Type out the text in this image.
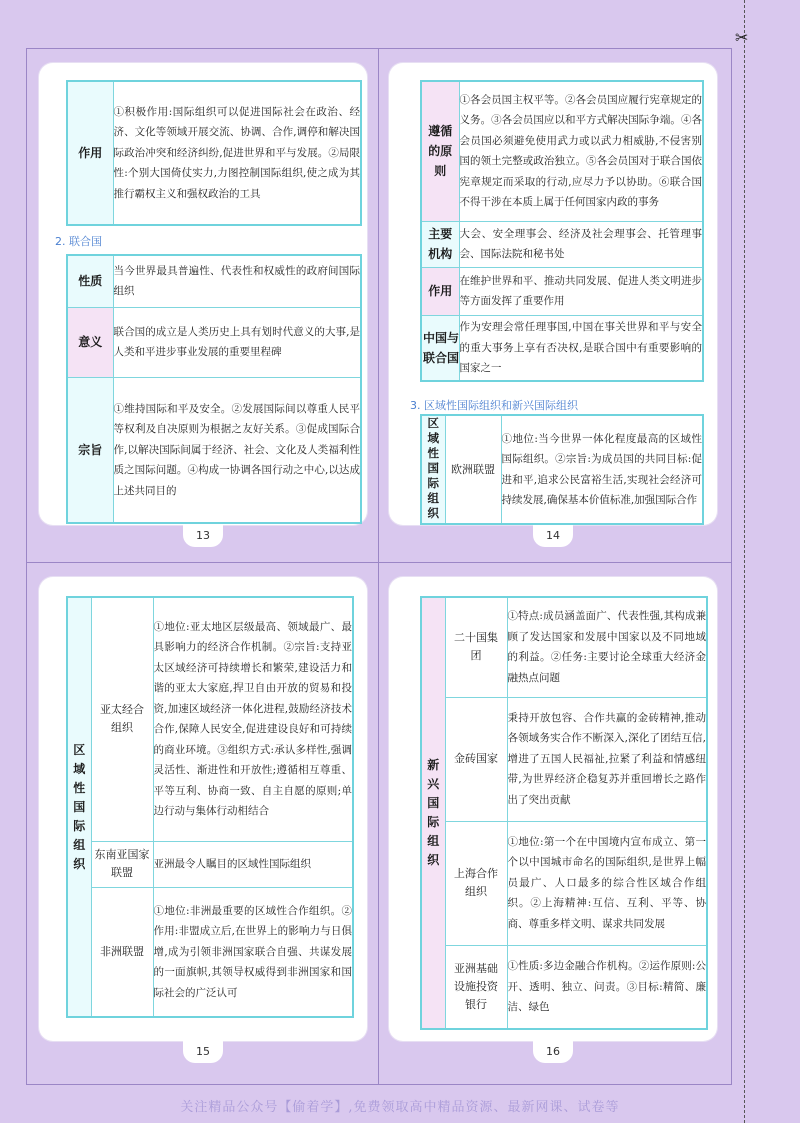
✂
13
作用	①积极作用:国际组织可以促进国际社会在政治、经济、文化等领域开展交流、协调、合作,调停和解决国际政治冲突和经济纠纷,促进世界和平与发展。②局限性:个别大国倚仗实力,力图控制国际组织,使之成为其推行霸权主义和强权政治的工具
2. 联合国
性质	当今世界最具普遍性、代表性和权威性的政府间国际组织
意义	联合国的成立是人类历史上具有划时代意义的大事,是人类和平进步事业发展的重要里程碑
宗旨	①维持国际和平及安全。②发展国际间以尊重人民平等权利及自决原则为根据之友好关系。③促成国际合作,以解决国际间属于经济、社会、文化及人类福利性质之国际问题。④构成一协调各国行动之中心,以达成上述共同目的
14
遵循的原则	①各会员国主权平等。②各会员国应履行宪章规定的义务。③各会员国应以和平方式解决国际争端。④各会员国必须避免使用武力或以武力相威胁,不侵害别国的领土完整或政治独立。⑤各会员国对于联合国依宪章规定而采取的行动,应尽力予以协助。⑥联合国不得干涉在本质上属于任何国家内政的事务
主要机构	大会、安全理事会、经济及社会理事会、托管理事会、国际法院和秘书处
作用	在维护世界和平、推动共同发展、促进人类文明进步等方面发挥了重要作用
中国与联合国	作为安理会常任理事国,中国在事关世界和平与安全的重大事务上享有否决权,是联合国中有重要影响的国家之一
3. 区域性国际组织和新兴国际组织
区域性国际组织	欧洲联盟	①地位:当今世界一体化程度最高的区域性国际组织。②宗旨:为成员国的共同目标:促进和平,追求公民富裕生活,实现社会经济可持续发展,确保基本价值标准,加强国际合作
15
区域性国际组织	亚太经合组织	①地位:亚太地区层级最高、领域最广、最具影响力的经济合作机制。②宗旨:支持亚太区域经济可持续增长和繁荣,建设活力和谐的亚太大家庭,捍卫自由开放的贸易和投资,加速区域经济一体化进程,鼓励经济技术合作,保障人民安全,促进建设良好和可持续的商业环境。③组织方式:承认多样性,强调灵活性、渐进性和开放性;遵循相互尊重、平等互利、协商一致、自主自愿的原则;单边行动与集体行动相结合
	东南亚国家联盟	亚洲最令人瞩目的区域性国际组织
	非洲联盟	①地位:非洲最重要的区域性合作组织。②作用:非盟成立后,在世界上的影响力与日俱增,成为引领非洲国家联合自强、共谋发展的一面旗帜,其领导权威得到非洲国家和国际社会的广泛认可
16
新兴国际组织	二十国集团	①特点:成员涵盖面广、代表性强,其构成兼顾了发达国家和发展中国家以及不同地域的利益。②任务:主要讨论全球重大经济金融热点问题
	金砖国家	秉持开放包容、合作共赢的金砖精神,推动各领域务实合作不断深入,深化了团结互信,增进了五国人民福祉,拉紧了利益和情感纽带,为世界经济企稳复苏并重回增长之路作出了突出贡献
	上海合作组织	①地位:第一个在中国境内宣布成立、第一个以中国城市命名的国际组织,是世界上幅员最广、人口最多的综合性区域合作组织。②上海精神:互信、互利、平等、协商、尊重多样文明、谋求共同发展
	亚洲基础设施投资银行	①性质:多边金融合作机构。②运作原则:公开、透明、独立、问责。③目标:精简、廉洁、绿色
关注精品公众号【偷着学】,免费领取高中精品资源、最新网课、试卷等
